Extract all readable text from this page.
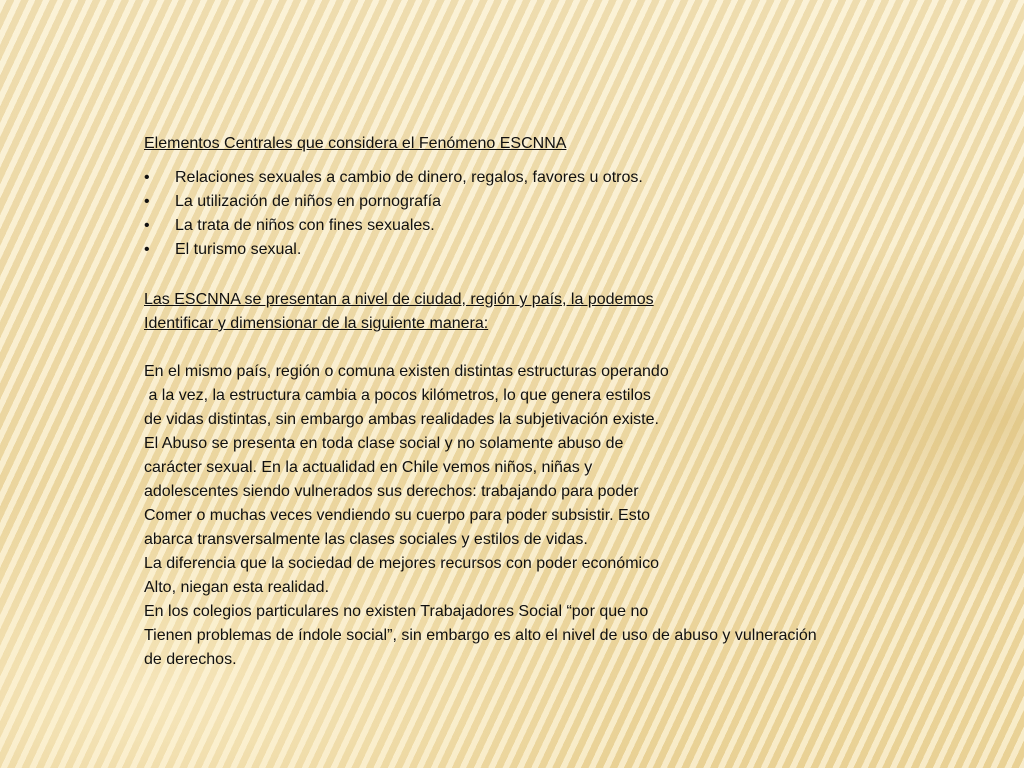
Elementos Centrales que considera el Fenómeno ESCNNA
• Relaciones sexuales a cambio de dinero, regalos, favores u otros.
• La utilización de niños en pornografía
• La trata de niños con fines sexuales.
• El turismo sexual.
Las ESCNNA se presentan a nivel de ciudad, región y país, la podemos
Identificar y dimensionar de la siguiente manera:
En el mismo país, región o comuna existen distintas estructuras operando
a la vez, la estructura cambia a pocos kilómetros, lo que genera estilos
de vidas distintas, sin embargo ambas realidades la subjetivación existe.
El Abuso se presenta en toda clase social y no solamente abuso de
carácter sexual. En la actualidad en Chile vemos niños, niñas y
adolescentes siendo vulnerados sus derechos: trabajando para poder
Comer o muchas veces vendiendo su cuerpo para poder subsistir. Esto
abarca transversalmente las clases sociales y estilos de vidas.
La diferencia que la sociedad de mejores recursos con poder económico
Alto, niegan esta realidad.
En los colegios particulares no existen Trabajadores Social “por que no
Tienen problemas de índole social”, sin embargo es alto el nivel de uso de abuso y vulneración
de derechos.
